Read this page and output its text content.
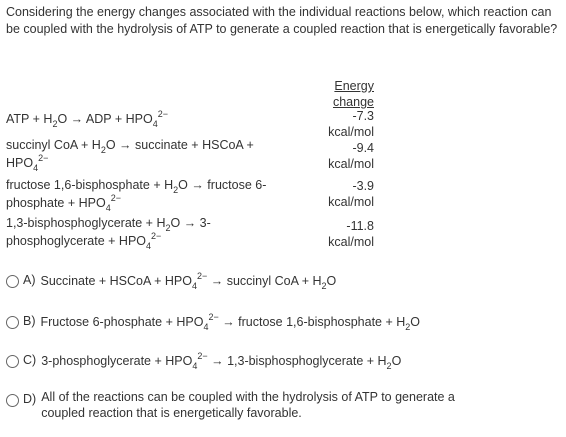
Considering the energy changes associated with the individual reactions below, which reaction can be coupled with the hydrolysis of ATP to generate a coupled reaction that is energetically favorable?
Energy
change
ATP + $H_2O$ → ADP + $HPO_4^{2-}$	-7.3
kcal/mol
succinyl CoA + $H_2O$ → succinate + HSCoA +
$HPO_4^{2-}$
-9.4
kcal/mol
fructose 1,6-bisphosphate + $H_2O$ → fructose 6-
phosphate + $HPO_4^{2-}$
-3.9
kcal/mol
1,3-bisphosphoglycerate + $H_2O \to 3-$
phosphoglycerate + $HPO_4^{2-}$
-11.8
kcal/mol
A) Succinate + HSCoA + $HPO_4^{2-}$ → succinyl CoA + $H_2O$
B) Fructose 6-phosphate + $HPO_4^{2-}$ → fructose 1,6-bisphosphate + $H_2O$
C) 3-phosphoglycerate + $HPO_4^{2-}$ → 1,3-bisphosphoglycerate + $H_2O$
D) All of the reactions can be coupled with the hydrolysis of ATP to generate a
coupled reaction that is energetically favorable.
